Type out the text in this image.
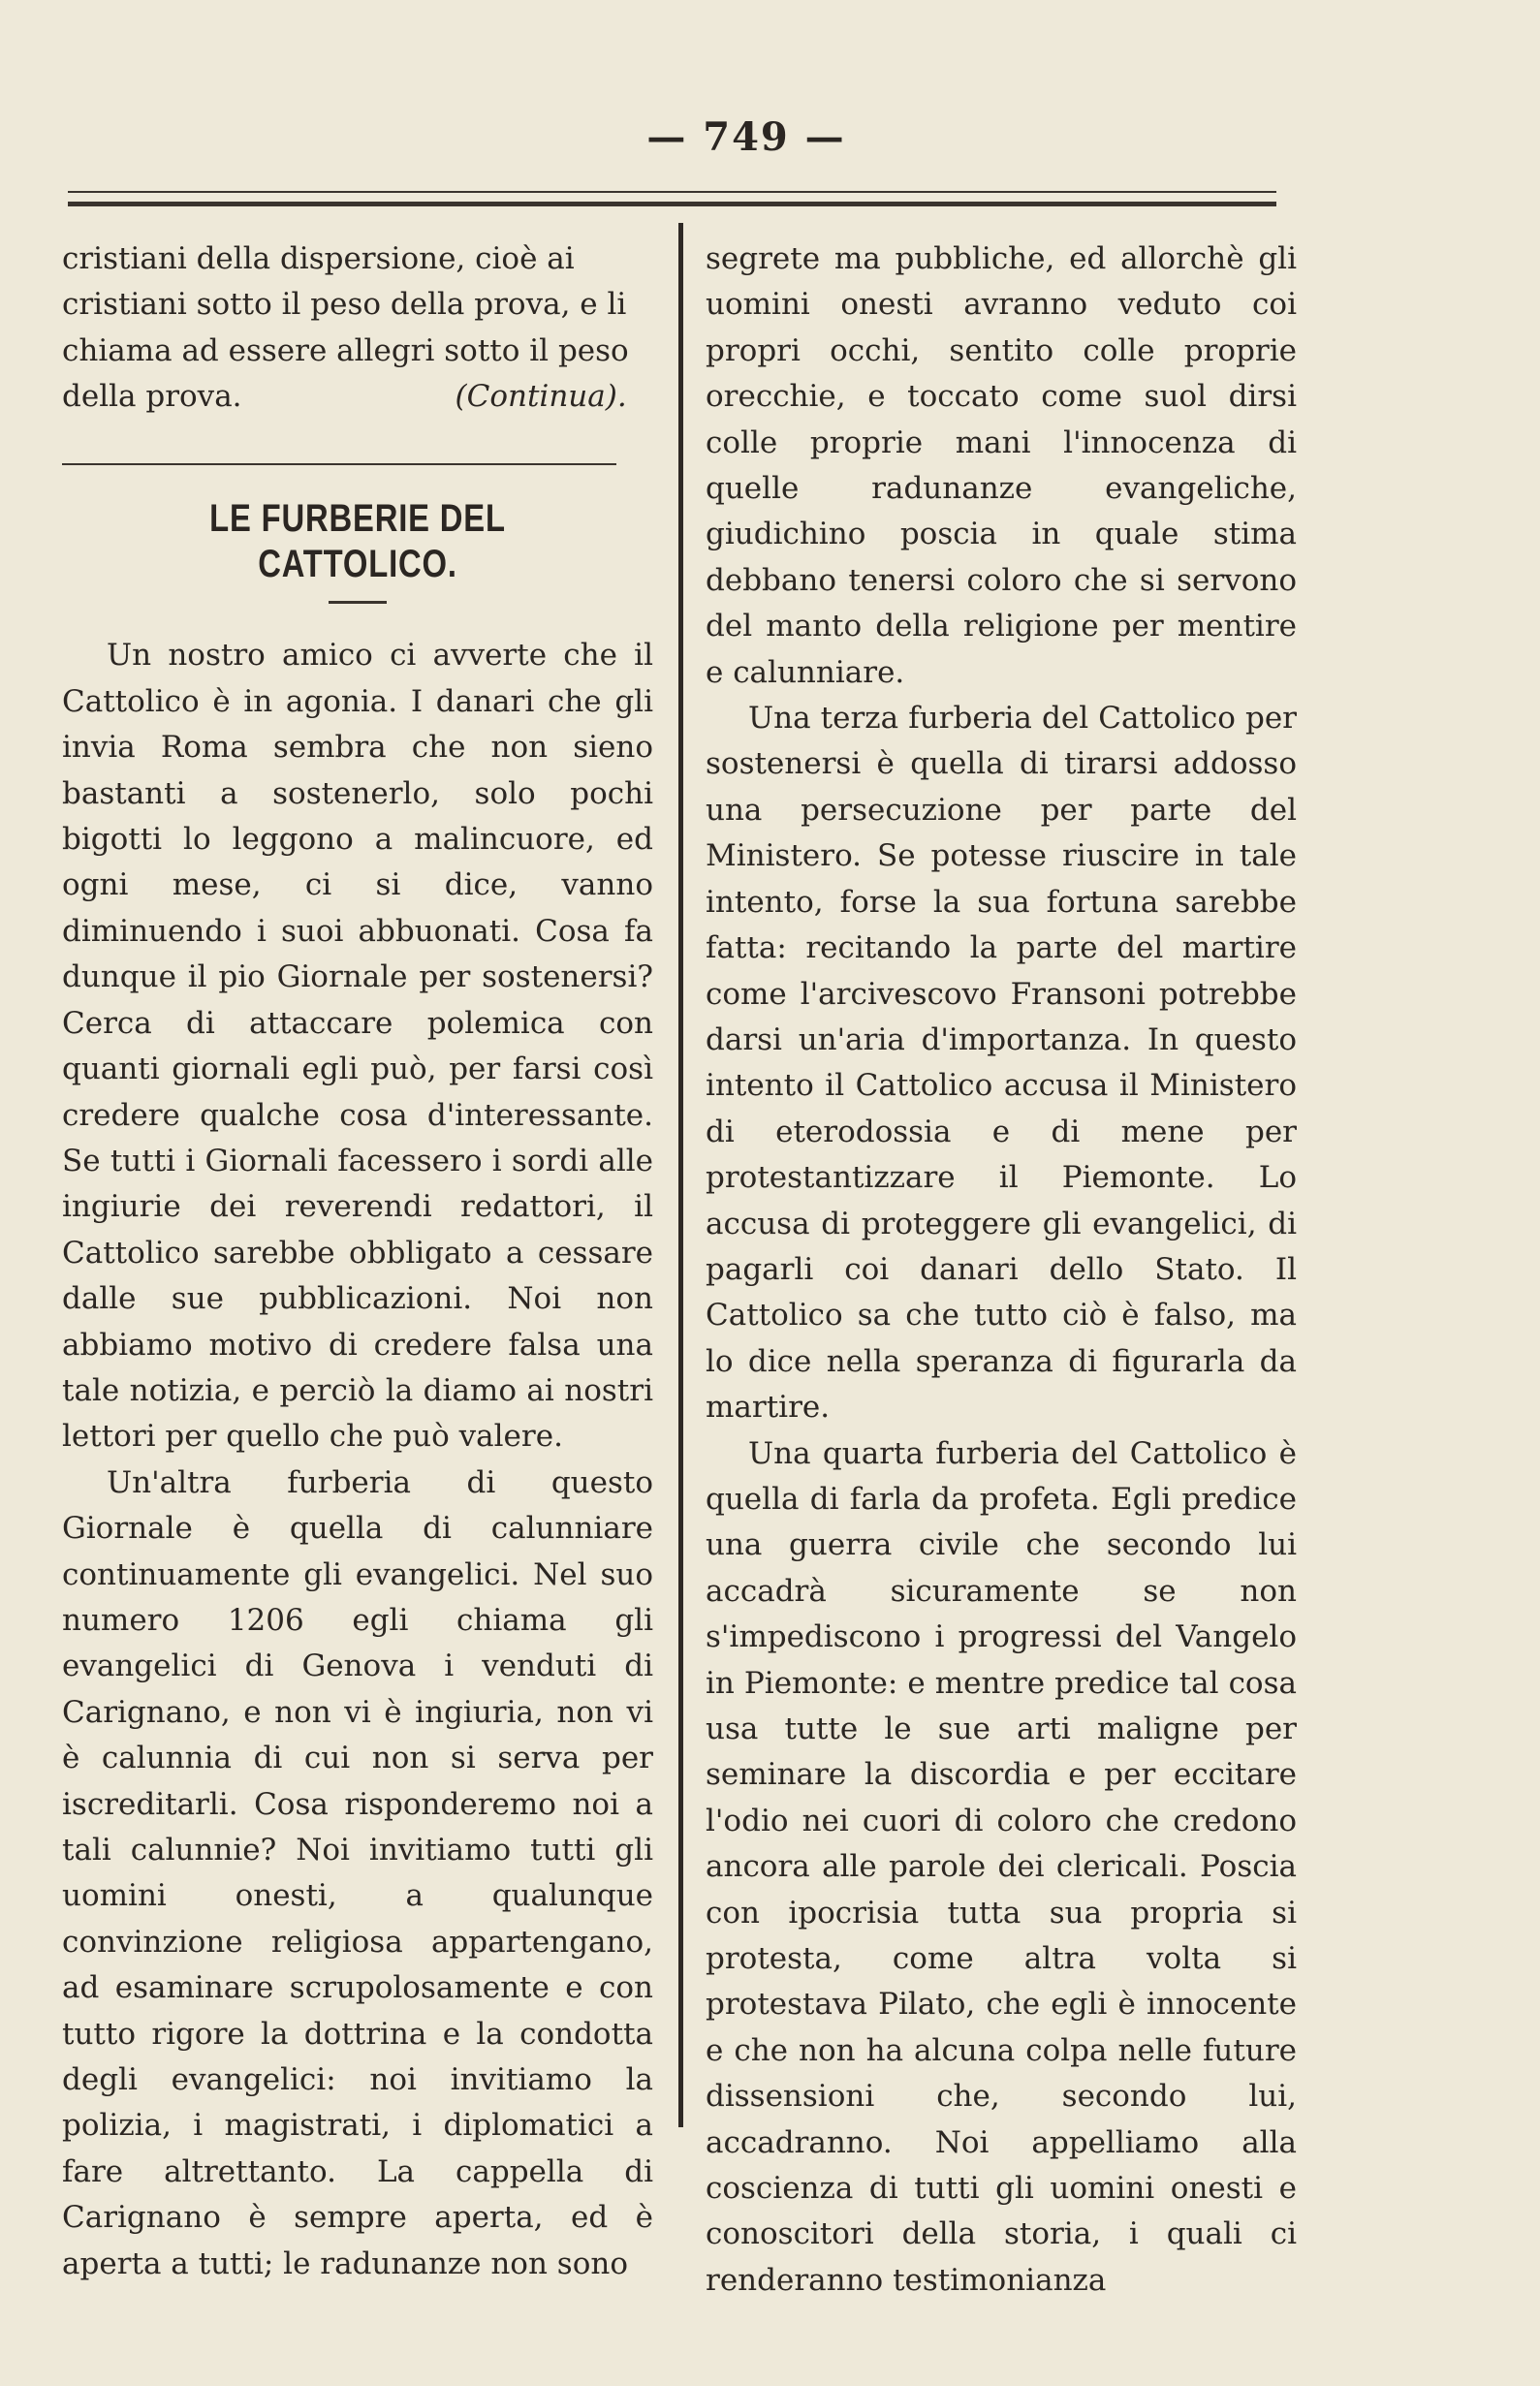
— 749 —

cristiani della dispersione, cioè ai cristiani sotto il peso della prova, e li chiama ad essere allegri sotto il peso della prova.	(Continua).

LE FURBERIE DEL CATTOLICO.

Un nostro amico ci avverte che il Cattolico è in agonia. I danari che gli invia Roma sembra che non sieno bastanti a sostenerlo, solo pochi bigotti lo leggono a malincuore, ed ogni mese, ci si dice, vanno diminuendo i suoi abbuonati. Cosa fa dunque il pio Giornale per sostenersi? Cerca di attaccare polemica con quanti giornali egli può, per farsi così credere qualche cosa d'interessante. Se tutti i Giornali facessero i sordi alle ingiurie dei reverendi redattori, il Cattolico sarebbe obbligato a cessare dalle sue pubblicazioni. Noi non abbiamo motivo di credere falsa una tale notizia, e perciò la diamo ai nostri lettori per quello che può valere.

Un'altra furberia di questo Giornale è quella di calunniare continuamente gli evangelici. Nel suo numero 1206 egli chiama gli evangelici di Genova i venduti di Carignano, e non vi è ingiuria, non vi è calunnia di cui non si serva per iscreditarli. Cosa risponderemo noi a tali calunnie? Noi invitiamo tutti gli uomini onesti, a qualunque convinzione religiosa appartengano, ad esaminare scrupolosamente e con tutto rigore la dottrina e la condotta degli evangelici: noi invitiamo la polizia, i magistrati, i diplomatici a fare altrettanto. La cappella di Carignano è sempre aperta, ed è aperta a tutti; le radunanze non sono

segrete ma pubbliche, ed allorchè gli uomini onesti avranno veduto coi propri occhi, sentito colle proprie orecchie, e toccato come suol dirsi colle proprie mani l'innocenza di quelle radunanze evangeliche, giudichino poscia in quale stima debbano tenersi coloro che si servono del manto della religione per mentire e calunniare.

Una terza furberia del Cattolico per sostenersi è quella di tirarsi addosso una persecuzione per parte del Ministero. Se potesse riuscire in tale intento, forse la sua fortuna sarebbe fatta: recitando la parte del martire come l'arcivescovo Fransoni potrebbe darsi un'aria d'importanza. In questo intento il Cattolico accusa il Ministero di eterodossia e di mene per protestantizzare il Piemonte. Lo accusa di proteggere gli evangelici, di pagarli coi danari dello Stato. Il Cattolico sa che tutto ciò è falso, ma lo dice nella speranza di figurarla da martire.

Una quarta furberia del Cattolico è quella di farla da profeta. Egli predice una guerra civile che secondo lui accadrà sicuramente se non s'impediscono i progressi del Vangelo in Piemonte: e mentre predice tal cosa usa tutte le sue arti maligne per seminare la discordia e per eccitare l'odio nei cuori di coloro che credono ancora alle parole dei clericali. Poscia con ipocrisia tutta sua propria si protesta, come altra volta si protestava Pilato, che egli è innocente e che non ha alcuna colpa nelle future dissensioni che, secondo lui, accadranno. Noi appelliamo alla coscienza di tutti gli uomini onesti e conoscitori della storia, i quali ci renderanno testimonianza
